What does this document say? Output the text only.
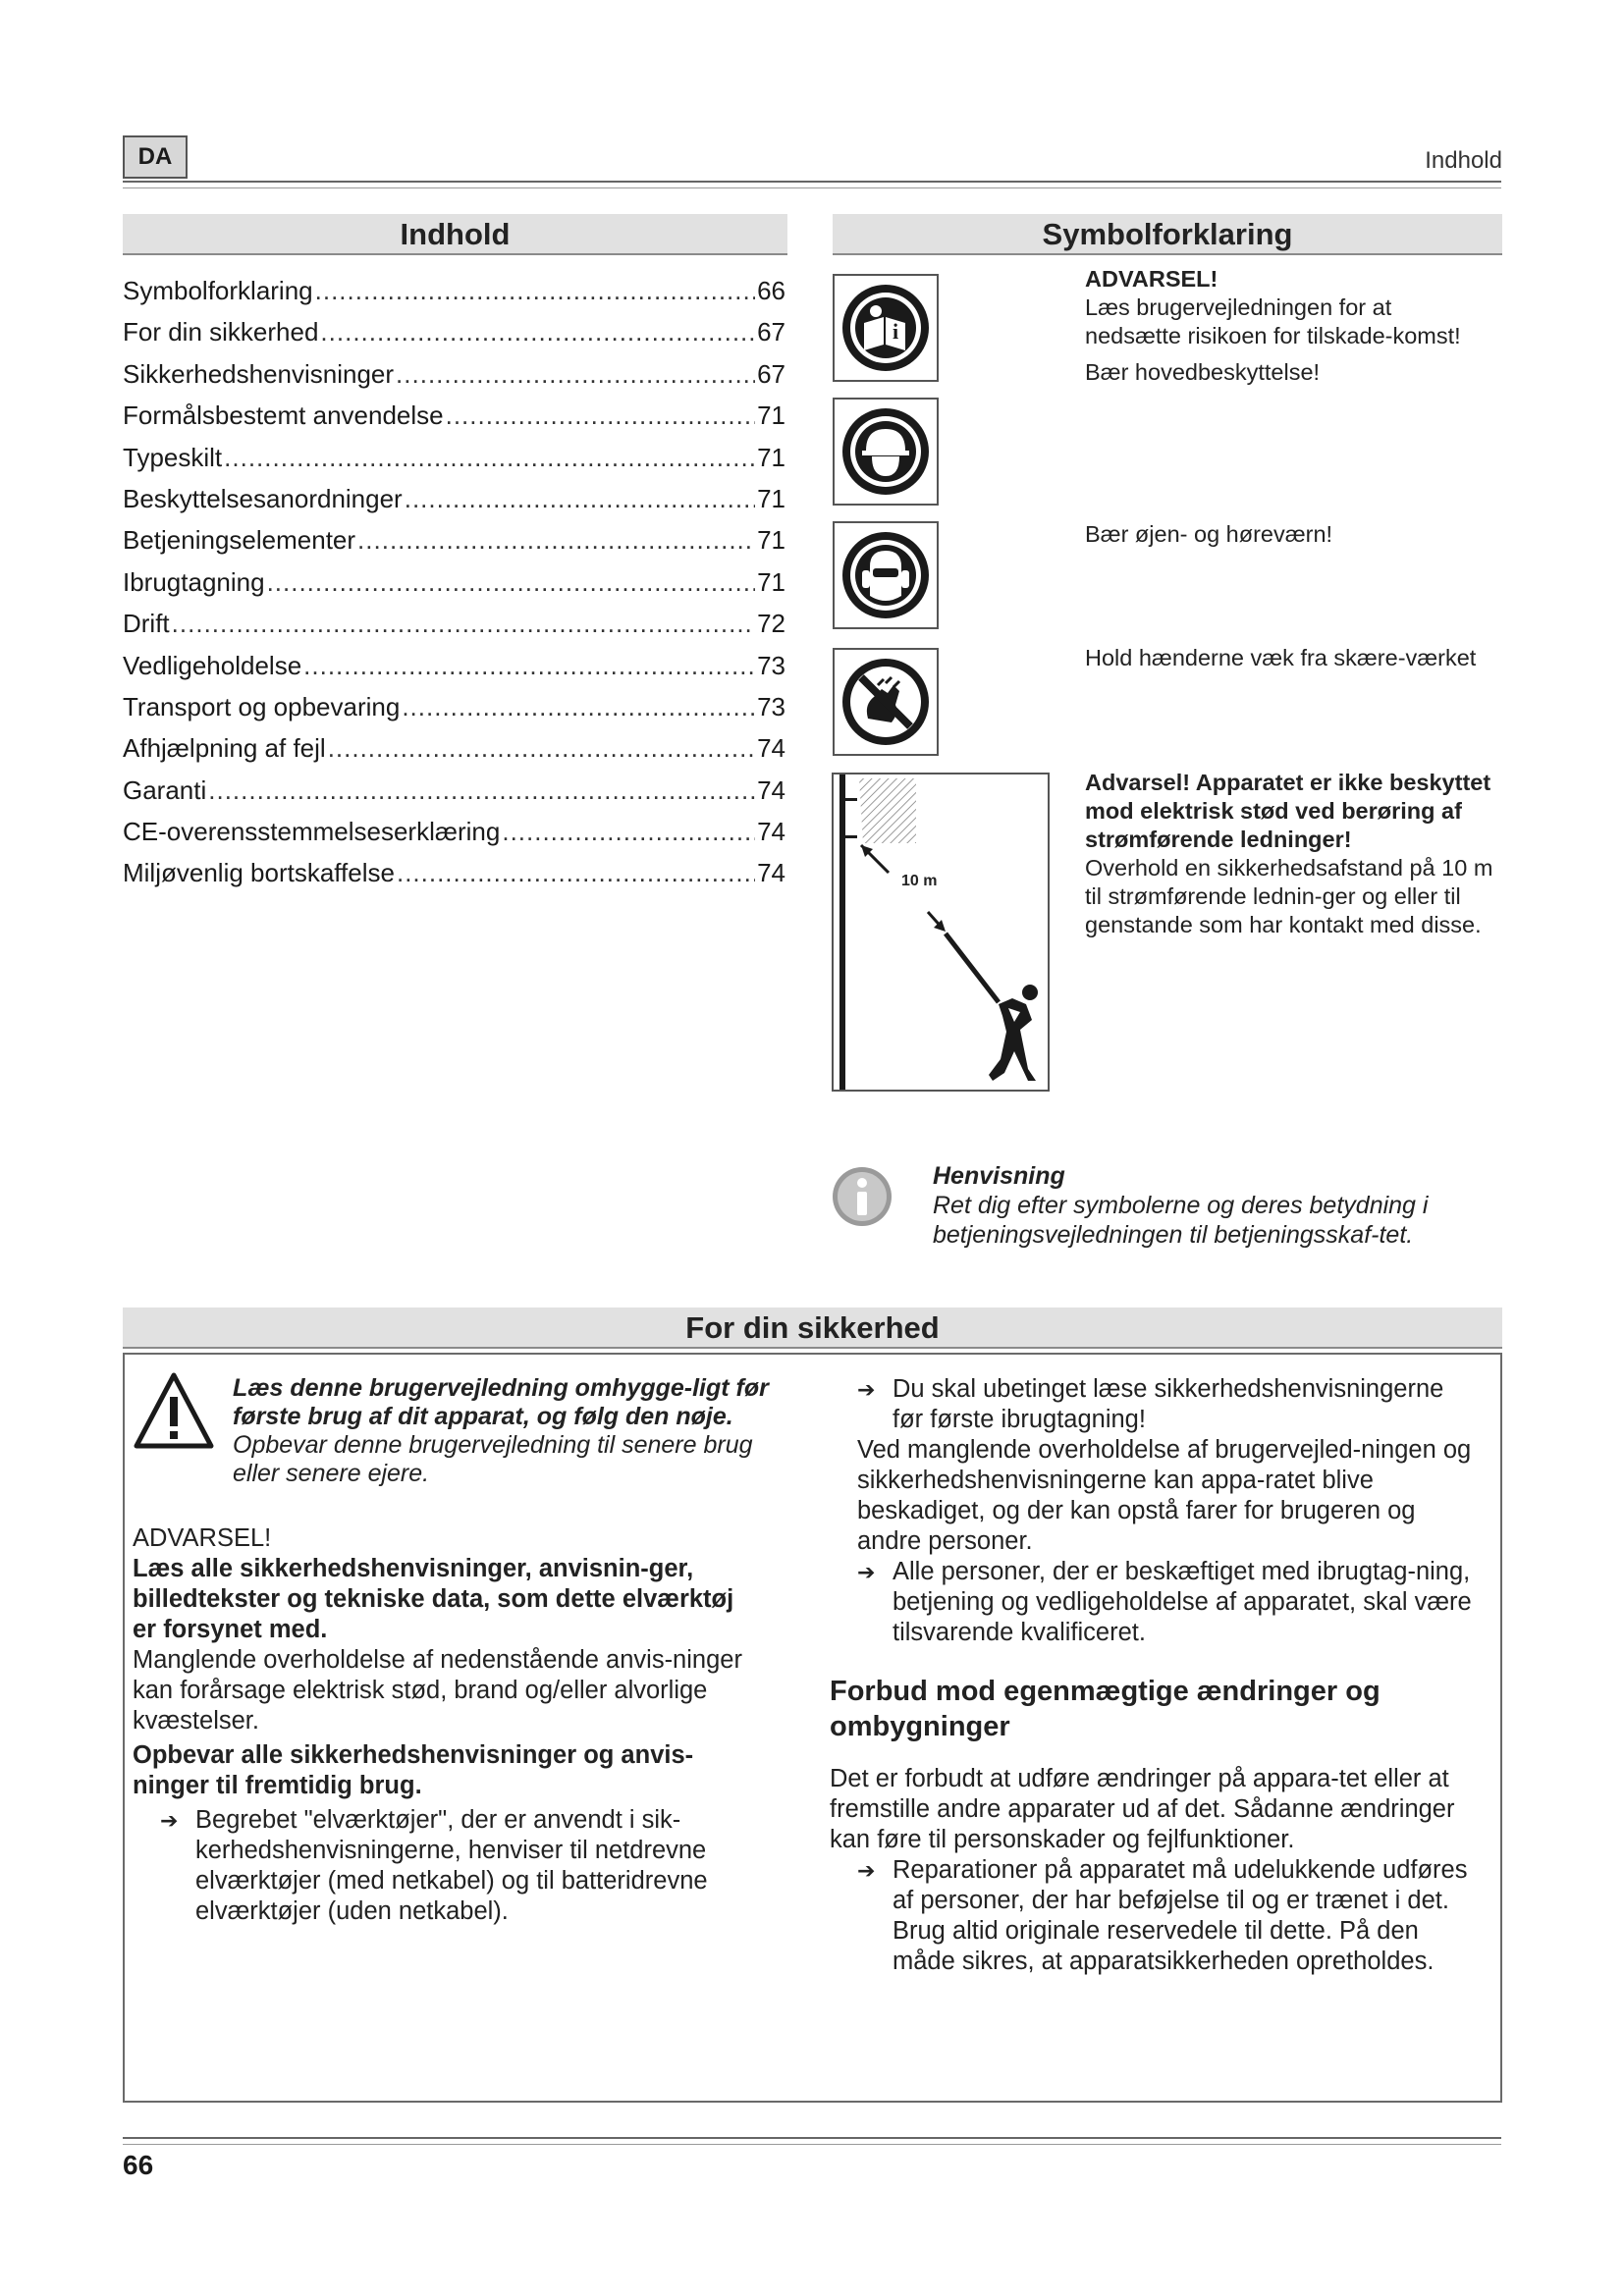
DA	Indhold
Indhold
Symbolforklaring .....	66
For din sikkerhed .....	67
Sikkerhedshenvisninger .....	67
Formålsbestemt anvendelse .....	71
Typeskilt .....	71
Beskyttelsesanordninger .....	71
Betjeningselementer .....	71
Ibrugtagning .....	71
Drift .....	72
Vedligeholdelse .....	73
Transport og opbevaring .....	73
Afhjælpning af fejl .....	74
Garanti .....	74
CE-overensstemmelseserklæring .....	74
Miljøvenlig bortskaffelse .....	74
Symbolforklaring
i
ADVARSEL!
Læs brugervejledningen for at nedsætte risikoen for tilskade-komst!
Bær hovedbeskyttelse!
Bær øjen- og høreværn!
Hold hænderne væk fra skære-værket
10 m
Advarsel! Apparatet er ikke beskyttet mod elektrisk stød ved berøring af strømførende ledninger!
Overhold en sikkerhedsafstand på 10 m til strømførende lednin-ger og eller til genstande som har kontakt med disse.
Henvisning
Ret dig efter symbolerne og deres betydning i betjeningsvejledningen til betjeningsskaf-tet.
For din sikkerhed
Læs denne brugervejledning omhygge-ligt før første brug af dit apparat, og følg den nøje. Opbevar denne brugervejledning til senere brug eller senere ejere.
ADVARSEL!
Læs alle sikkerhedshenvisninger, anvisnin-ger, billedtekster og tekniske data, som dette elværktøj er forsynet med.
Manglende overholdelse af nedenstående anvis-ninger kan forårsage elektrisk stød, brand og/eller alvorlige kvæstelser.
Opbevar alle sikkerhedshenvisninger og anvis-ninger til fremtidig brug.
➔ Begrebet "elværktøjer", der er anvendt i sik-kerhedshenvisningerne, henviser til netdrevne elværktøjer (med netkabel) og til batteridrevne elværktøjer (uden netkabel).
➔ Du skal ubetinget læse sikkerhedshenvisningerne før første ibrugtagning!
Ved manglende overholdelse af brugervejled-ningen og sikkerhedshenvisningerne kan appa-ratet blive beskadiget, og der kan opstå farer for brugeren og andre personer.
➔ Alle personer, der er beskæftiget med ibrugtag-ning, betjening og vedligeholdelse af apparatet, skal være tilsvarende kvalificeret.
Forbud mod egenmægtige ændringer og ombygninger
Det er forbudt at udføre ændringer på appara-tet eller at fremstille andre apparater ud af det. Sådanne ændringer kan føre til personskader og fejlfunktioner.
➔ Reparationer på apparatet må udelukkende udføres af personer, der har beføjelse til og er trænet i det. Brug altid originale reservedele til dette. På den måde sikres, at apparatsikkerheden opretholdes.
66
